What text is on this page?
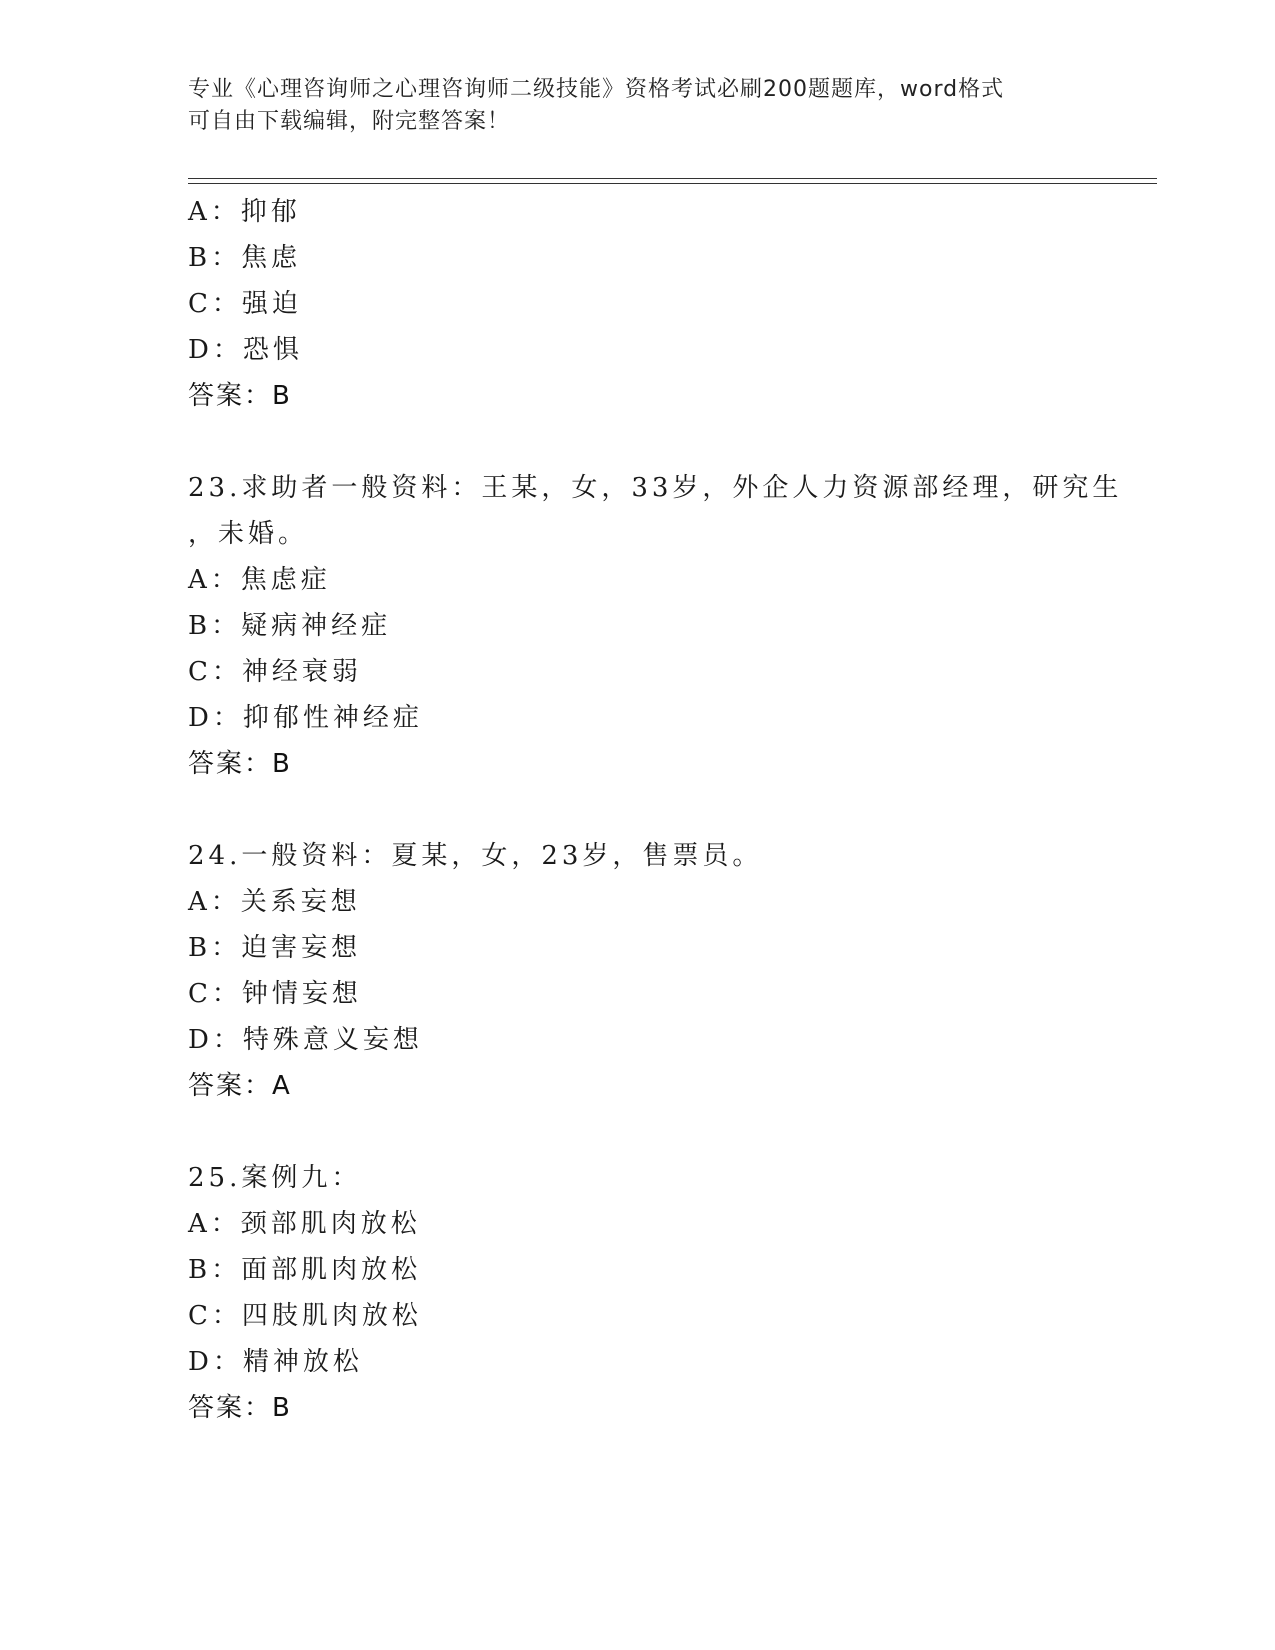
专业《心理咨询师之心理咨询师二级技能》资格考试必刷200题题库，word格式
可自由下载编辑，附完整答案！
A：抑郁
B：焦虑
C：强迫
D：恐惧
答案：B
23.求助者一般资料：王某，女，33岁，外企人力资源部经理，研究生
，未婚。
A：焦虑症
B：疑病神经症
C：神经衰弱
D：抑郁性神经症
答案：B
24.一般资料：夏某，女，23岁，售票员。
A：关系妄想
B：迫害妄想
C：钟情妄想
D：特殊意义妄想
答案：A
25.案例九：
A：颈部肌肉放松
B：面部肌肉放松
C：四肢肌肉放松
D：精神放松
答案：B
